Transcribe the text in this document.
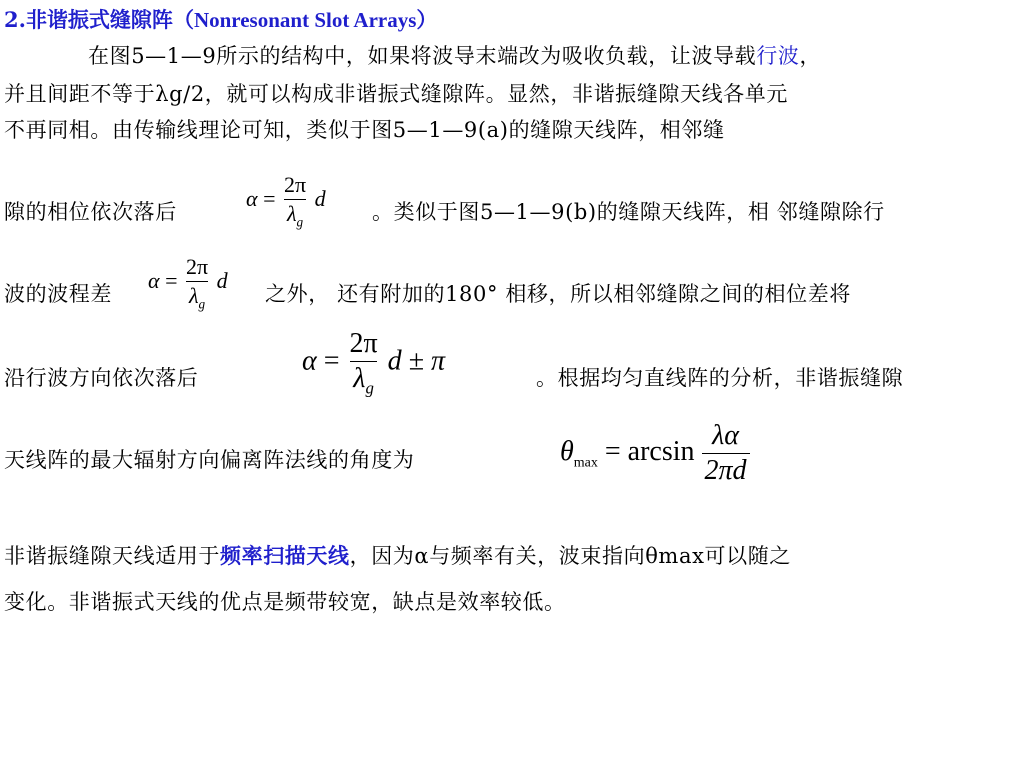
2.非谐振式缝隙阵（Nonresonant Slot Arrays）
在图5—1—9所示的结构中，如果将波导末端改为吸收负载，让波导载行波，
并且间距不等于λg/2，就可以构成非谐振式缝隙阵。显然，非谐振缝隙天线各单元
不再同相。由传输线理论可知，类似于图5—1—9(a)的缝隙天线阵，相邻缝
隙的相位依次落后
$\alpha = \frac{2\pi}{\lambda_g}$ d
。类似于图5—1—9(b)的缝隙天线阵，相 邻缝隙除行
波的波程差
$\alpha = \frac{2\pi}{\lambda_g}$ d
之外， 还有附加的180° 相移，所以相邻缝隙之间的相位差将
沿行波方向依次落后
$\alpha = \frac{2\pi}{\lambda_g}$ d ± π
。根据均匀直线阵的分析，非谐振缝隙
天线阵的最大辐射方向偏离阵法线的角度为	$\theta_{max} = \arcsin \frac{\lambda\alpha}{2\pi d}$
非谐振缝隙天线适用于频率扫描天线，因为α与频率有关，波束指向θmax可以随之
变化。非谐振式天线的优点是频带较宽，缺点是效率较低。
